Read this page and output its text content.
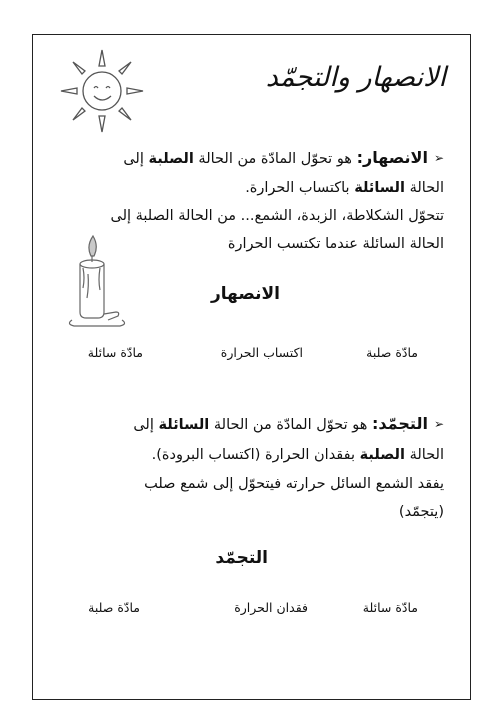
الانصهار والتجمّد
➢الانصهار: هو تحوّل المادّة من الحالة الصلبة إلى
الحالة السائلة باكتساب الحرارة.
تتحوّل الشكلاطة، الزبدة، الشمع... من الحالة الصلبة إلى
الحالة السائلة عندما تكتسب الحرارة
الانصهار
مادّة صلبة
اكتساب الحرارة
مادّة سائلة
➢التجمّد: هو تحوّل المادّة من الحالة السائلة إلى
الحالة الصلبة بفقدان الحرارة (اكتساب البرودة).
يفقد الشمع السائل حرارته فيتحوّل إلى شمع صلب
(يتجمّد)
التجمّد
مادّة سائلة
فقدان الحرارة
مادّة صلبة
